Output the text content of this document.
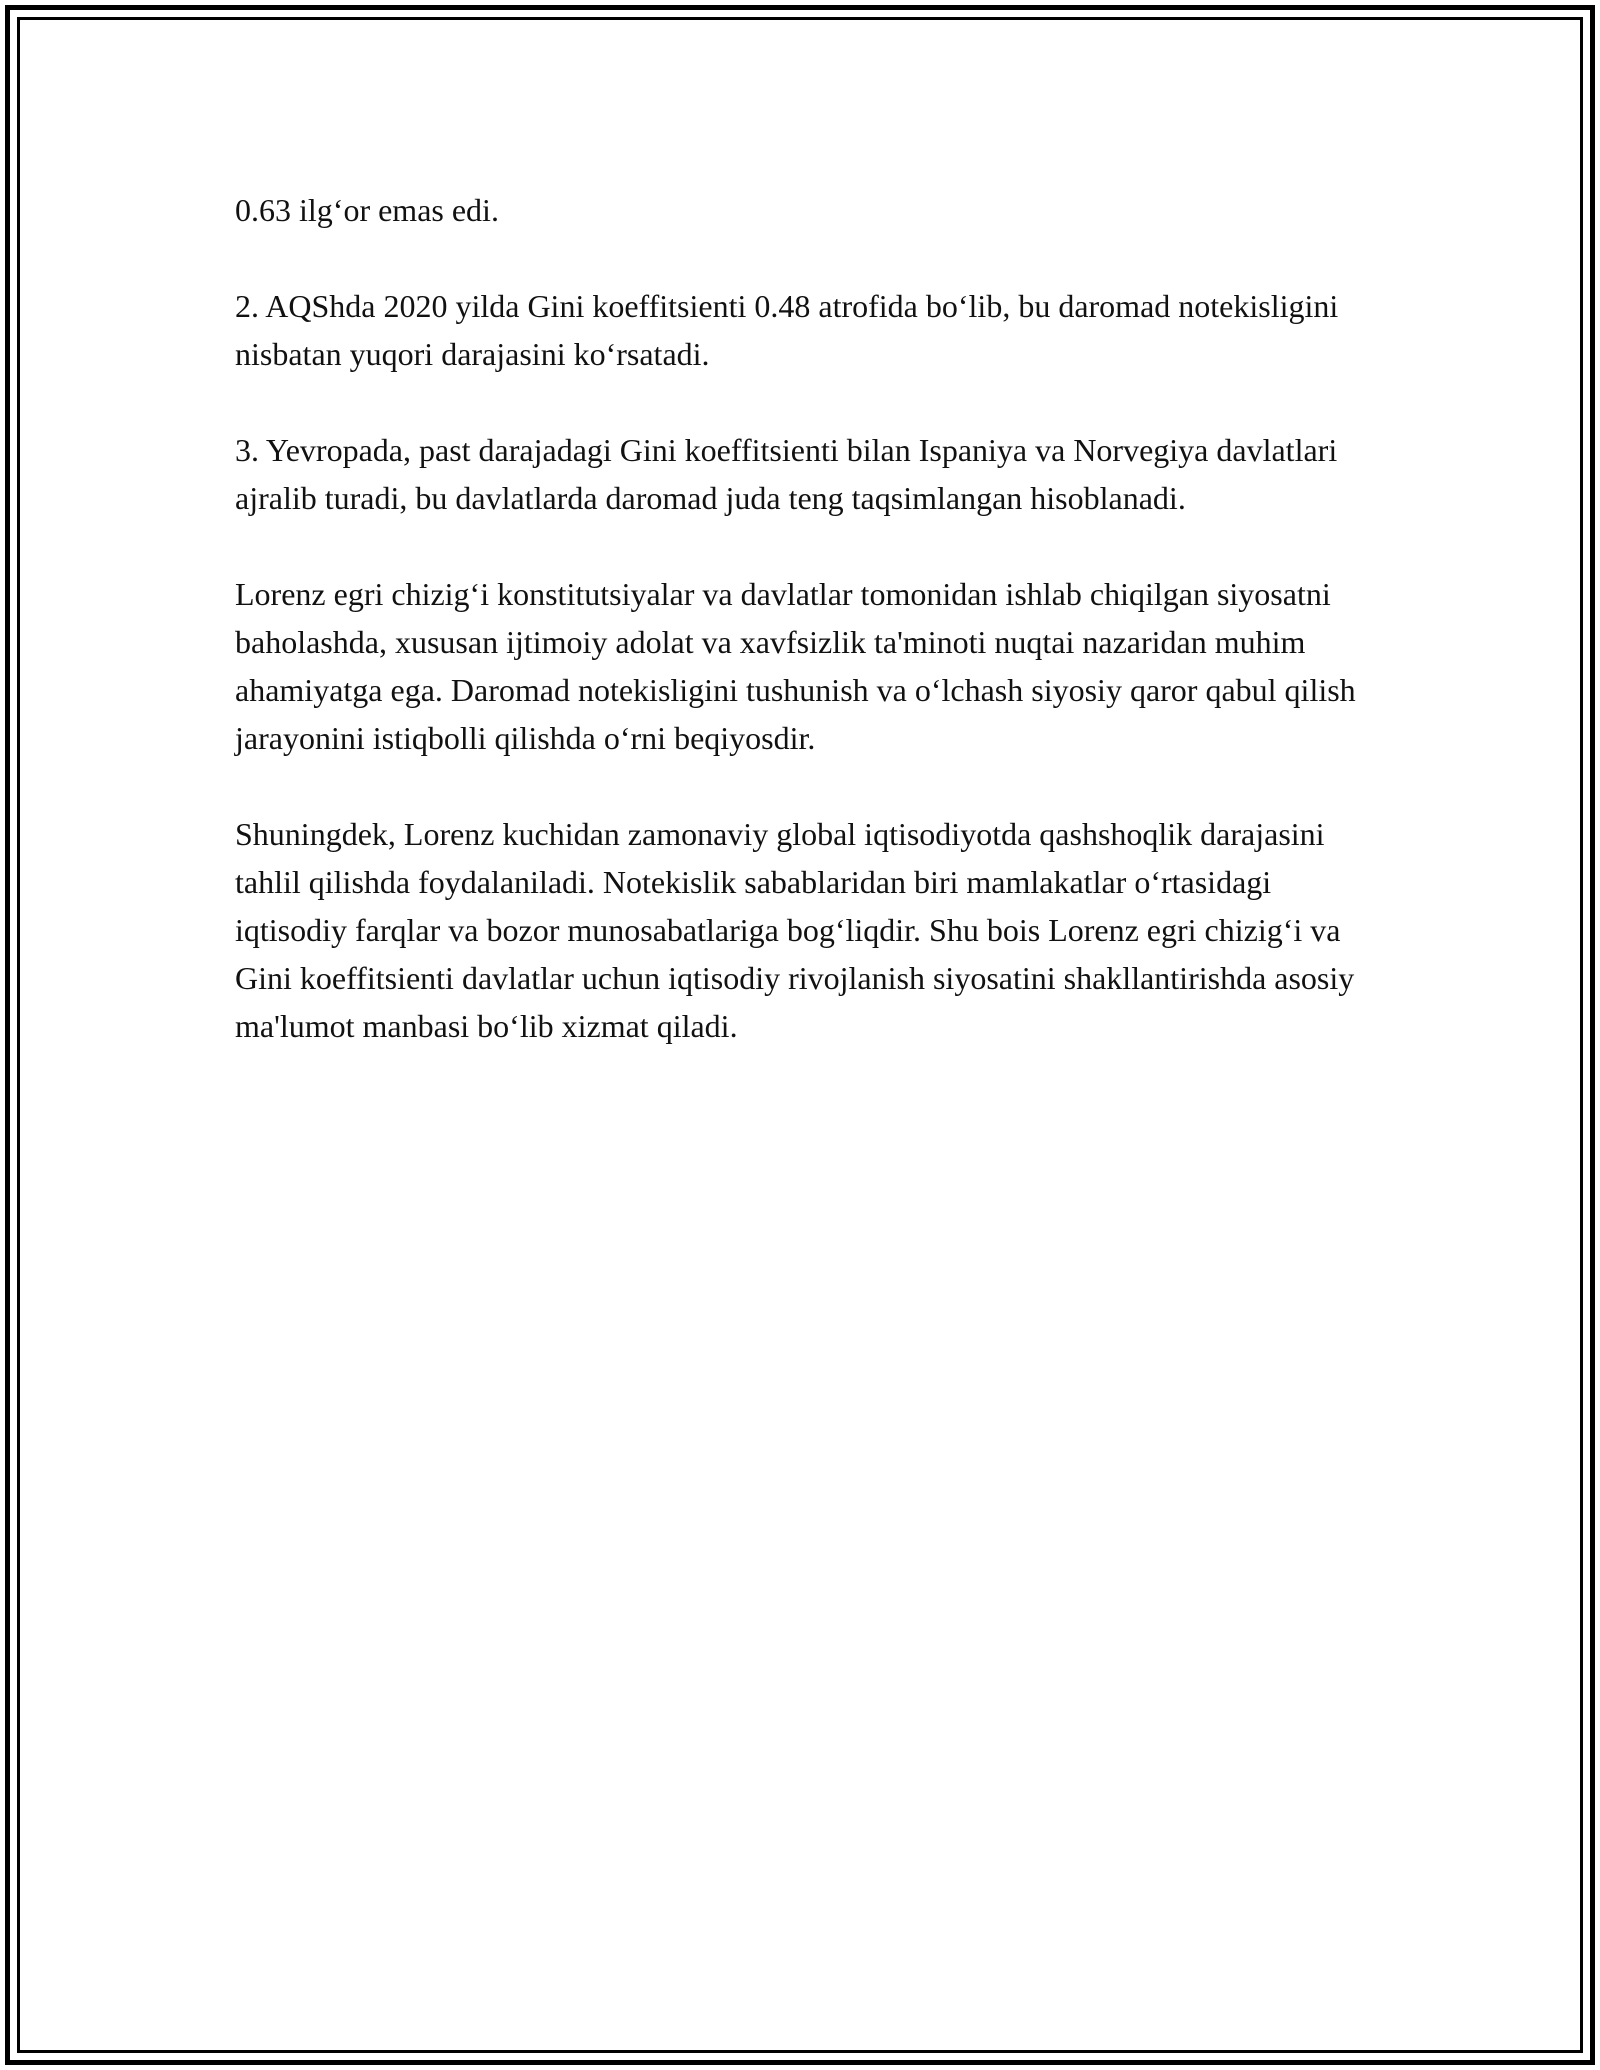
0.63 ilg‘or emas edi.

2. AQShda 2020 yilda Gini koeffitsienti 0.48 atrofida bo‘lib, bu daromad notekisligini nisbatan yuqori darajasini ko‘rsatadi.

3. Yevropada, past darajadagi Gini koeffitsienti bilan Ispaniya va Norvegiya davlatlari ajralib turadi, bu davlatlarda daromad juda teng taqsimlangan hisoblanadi.

Lorenz egri chizig‘i konstitutsiyalar va davlatlar tomonidan ishlab chiqilgan siyosatni baholashda, xususan ijtimoiy adolat va xavfsizlik ta'minoti nuqtai nazaridan muhim ahamiyatga ega. Daromad notekisligini tushunish va o‘lchash siyosiy qaror qabul qilish jarayonini istiqbolli qilishda o‘rni beqiyosdir.

Shuningdek, Lorenz kuchidan zamonaviy global iqtisodiyotda qashshoqlik darajasini tahlil qilishda foydalaniladi. Notekislik sabablaridan biri mamlakatlar o‘rtasidagi iqtisodiy farqlar va bozor munosabatlariga bog‘liqdir. Shu bois Lorenz egri chizig‘i va Gini koeffitsienti davlatlar uchun iqtisodiy rivojlanish siyosatini shakllantirishda asosiy ma'lumot manbasi bo‘lib xizmat qiladi.
